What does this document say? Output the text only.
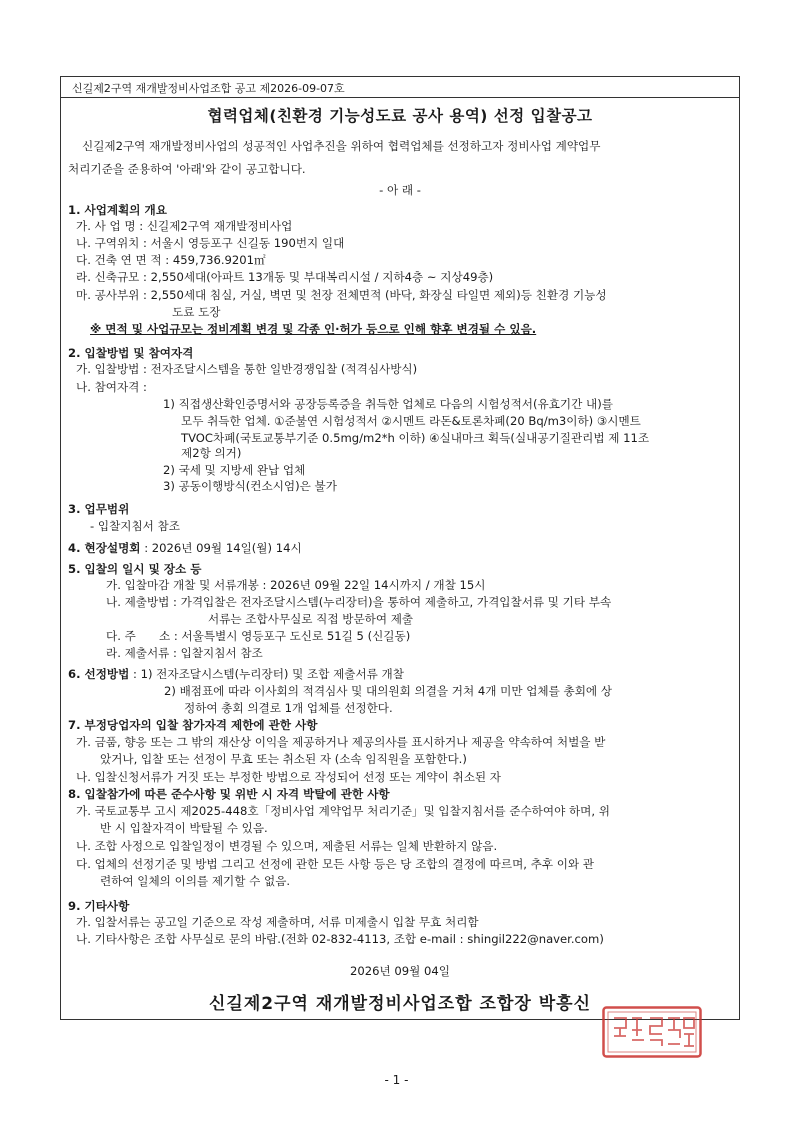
신길제2구역 재개발정비사업조합 공고 제2026-09-07호
협력업체(친환경 기능성도료 공사 용역) 선정 입찰공고
신길제2구역 재개발정비사업의 성공적인 사업추진을 위하여 협력업체를 선정하고자 정비사업 계약업무
처리기준을 준용하여 '아래'와 같이 공고합니다.
- 아 래 -
1. 사업계획의 개요
가. 사 업 명 : 신길제2구역 재개발정비사업
나. 구역위치 : 서울시 영등포구 신길동 190번지 일대
다. 건축 연 면 적 : 459,736.9201㎡
라. 신축규모 : 2,550세대(아파트 13개동 및 부대복리시설 / 지하4층 ~ 지상49층)
마. 공사부위 : 2,550세대 침실, 거실, 벽면 및 천장 전체면적 (바닥, 화장실 타일면 제외)등 친환경 기능성
도료 도장
※ 면적 및 사업규모는 정비계획 변경 및 각종 인·허가 등으로 인해 향후 변경될 수 있음.
2. 입찰방법 및 참여자격
가. 입찰방법 : 전자조달시스템을 통한 일반경쟁입찰 (적격심사방식)
나. 참여자격 :
1) 직접생산확인증명서와 공장등록증을 취득한 업체로 다음의 시험성적서(유효기간 내)를
모두 취득한 업체. ①준불연 시험성적서 ②시멘트 라돈&토론차폐(20 Bq/m3이하) ③시멘트
TVOC차폐(국토교통부기준 0.5mg/m2*h 이하) ④실내마크 획득(실내공기질관리법 제 11조
제2항 의거)
2) 국세 및 지방세 완납 업체
3) 공동이행방식(컨소시엄)은 불가
3. 업무범위
- 입찰지침서 참조
4. 현장설명회 : 2026년 09월 14일(월) 14시
5. 입찰의 일시 및 장소 등
가. 입찰마감 개찰 및 서류개봉 : 2026년 09월 22일 14시까지 / 개찰 15시
나. 제출방법 : 가격입찰은 전자조달시스템(누리장터)을 통하여 제출하고, 가격입찰서류 및 기타 부속
서류는 조합사무실로 직접 방문하여 제출
다. 주　　소 : 서울특별시 영등포구 도신로 51길 5 (신길동)
라. 제출서류 : 입찰지침서 참조
6. 선정방법 : 1) 전자조달시스템(누리장터) 및 조합 제출서류 개찰
2) 배점표에 따라 이사회의 적격심사 및 대의원회 의결을 거쳐 4개 미만 업체를 총회에 상
정하여 총회 의결로 1개 업체를 선정한다.
7. 부정당업자의 입찰 참가자격 제한에 관한 사항
가. 금품, 향응 또는 그 밖의 재산상 이익을 제공하거나 제공의사를 표시하거나 제공을 약속하여 처벌을 받
았거나, 입찰 또는 선정이 무효 또는 취소된 자 (소속 임직원을 포함한다.)
나. 입찰신청서류가 거짓 또는 부정한 방법으로 작성되어 선정 또는 계약이 취소된 자
8. 입찰참가에 따른 준수사항 및 위반 시 자격 박탈에 관한 사항
가. 국토교통부 고시 제2025-448호「정비사업 계약업무 처리기준」및 입찰지침서를 준수하여야 하며, 위
반 시 입찰자격이 박탈될 수 있음.
나. 조합 사정으로 입찰일정이 변경될 수 있으며, 제출된 서류는 일체 반환하지 않음.
다. 업체의 선정기준 및 방법 그리고 선정에 관한 모든 사항 등은 당 조합의 결정에 따르며, 추후 이와 관
련하여 일체의 이의를 제기할 수 없음.
9. 기타사항
가. 입찰서류는 공고일 기준으로 작성 제출하며, 서류 미제출시 입찰 무효 처리함
나. 기타사항은 조합 사무실로 문의 바람.(전화 02-832-4113, 조합 e-mail : shingil222@naver.com)
2026년 09월 04일
신길제2구역 재개발정비사업조합 조합장 박흥신
- 1 -
